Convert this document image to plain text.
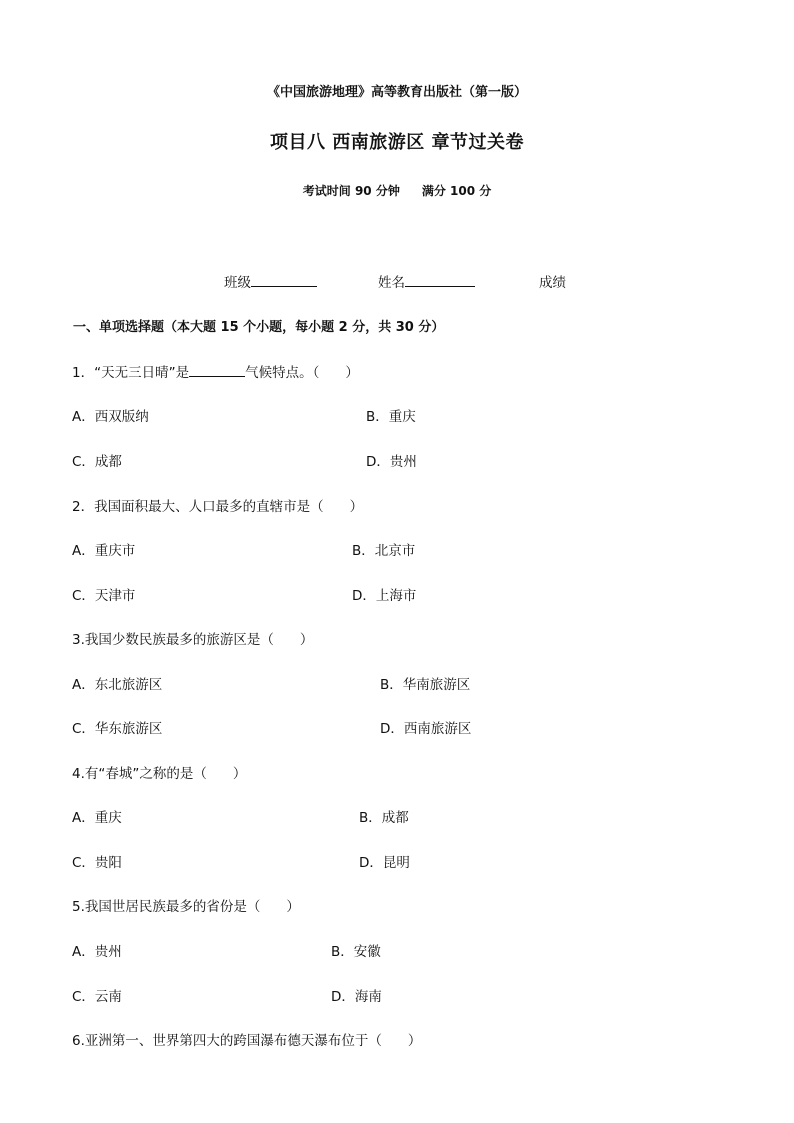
《中国旅游地理》高等教育出版社（第一版）
项目八 西南旅游区 章节过关卷
考试时间 90 分钟 满分 100 分
班级	姓名	成绩
一、单项选择题（本大题 15 个小题，每小题 2 分，共 30 分）
1．“天无三日晴”是	气候特点。（ ）
A．西双版纳	B．重庆
C．成都	D．贵州
2．我国面积最大、人口最多的直辖市是（ ）
A．重庆市	B．北京市
C．天津市	D．上海市
3.我国少数民族最多的旅游区是（ ）
A．东北旅游区	B．华南旅游区
C．华东旅游区	D．西南旅游区
4.有“春城”之称的是（ ）
A．重庆	B．成都
C．贵阳	D．昆明
5.我国世居民族最多的省份是（ ）
A．贵州	B．安徽
C．云南	D．海南
6.亚洲第一、世界第四大的跨国瀑布德天瀑布位于（ ）
